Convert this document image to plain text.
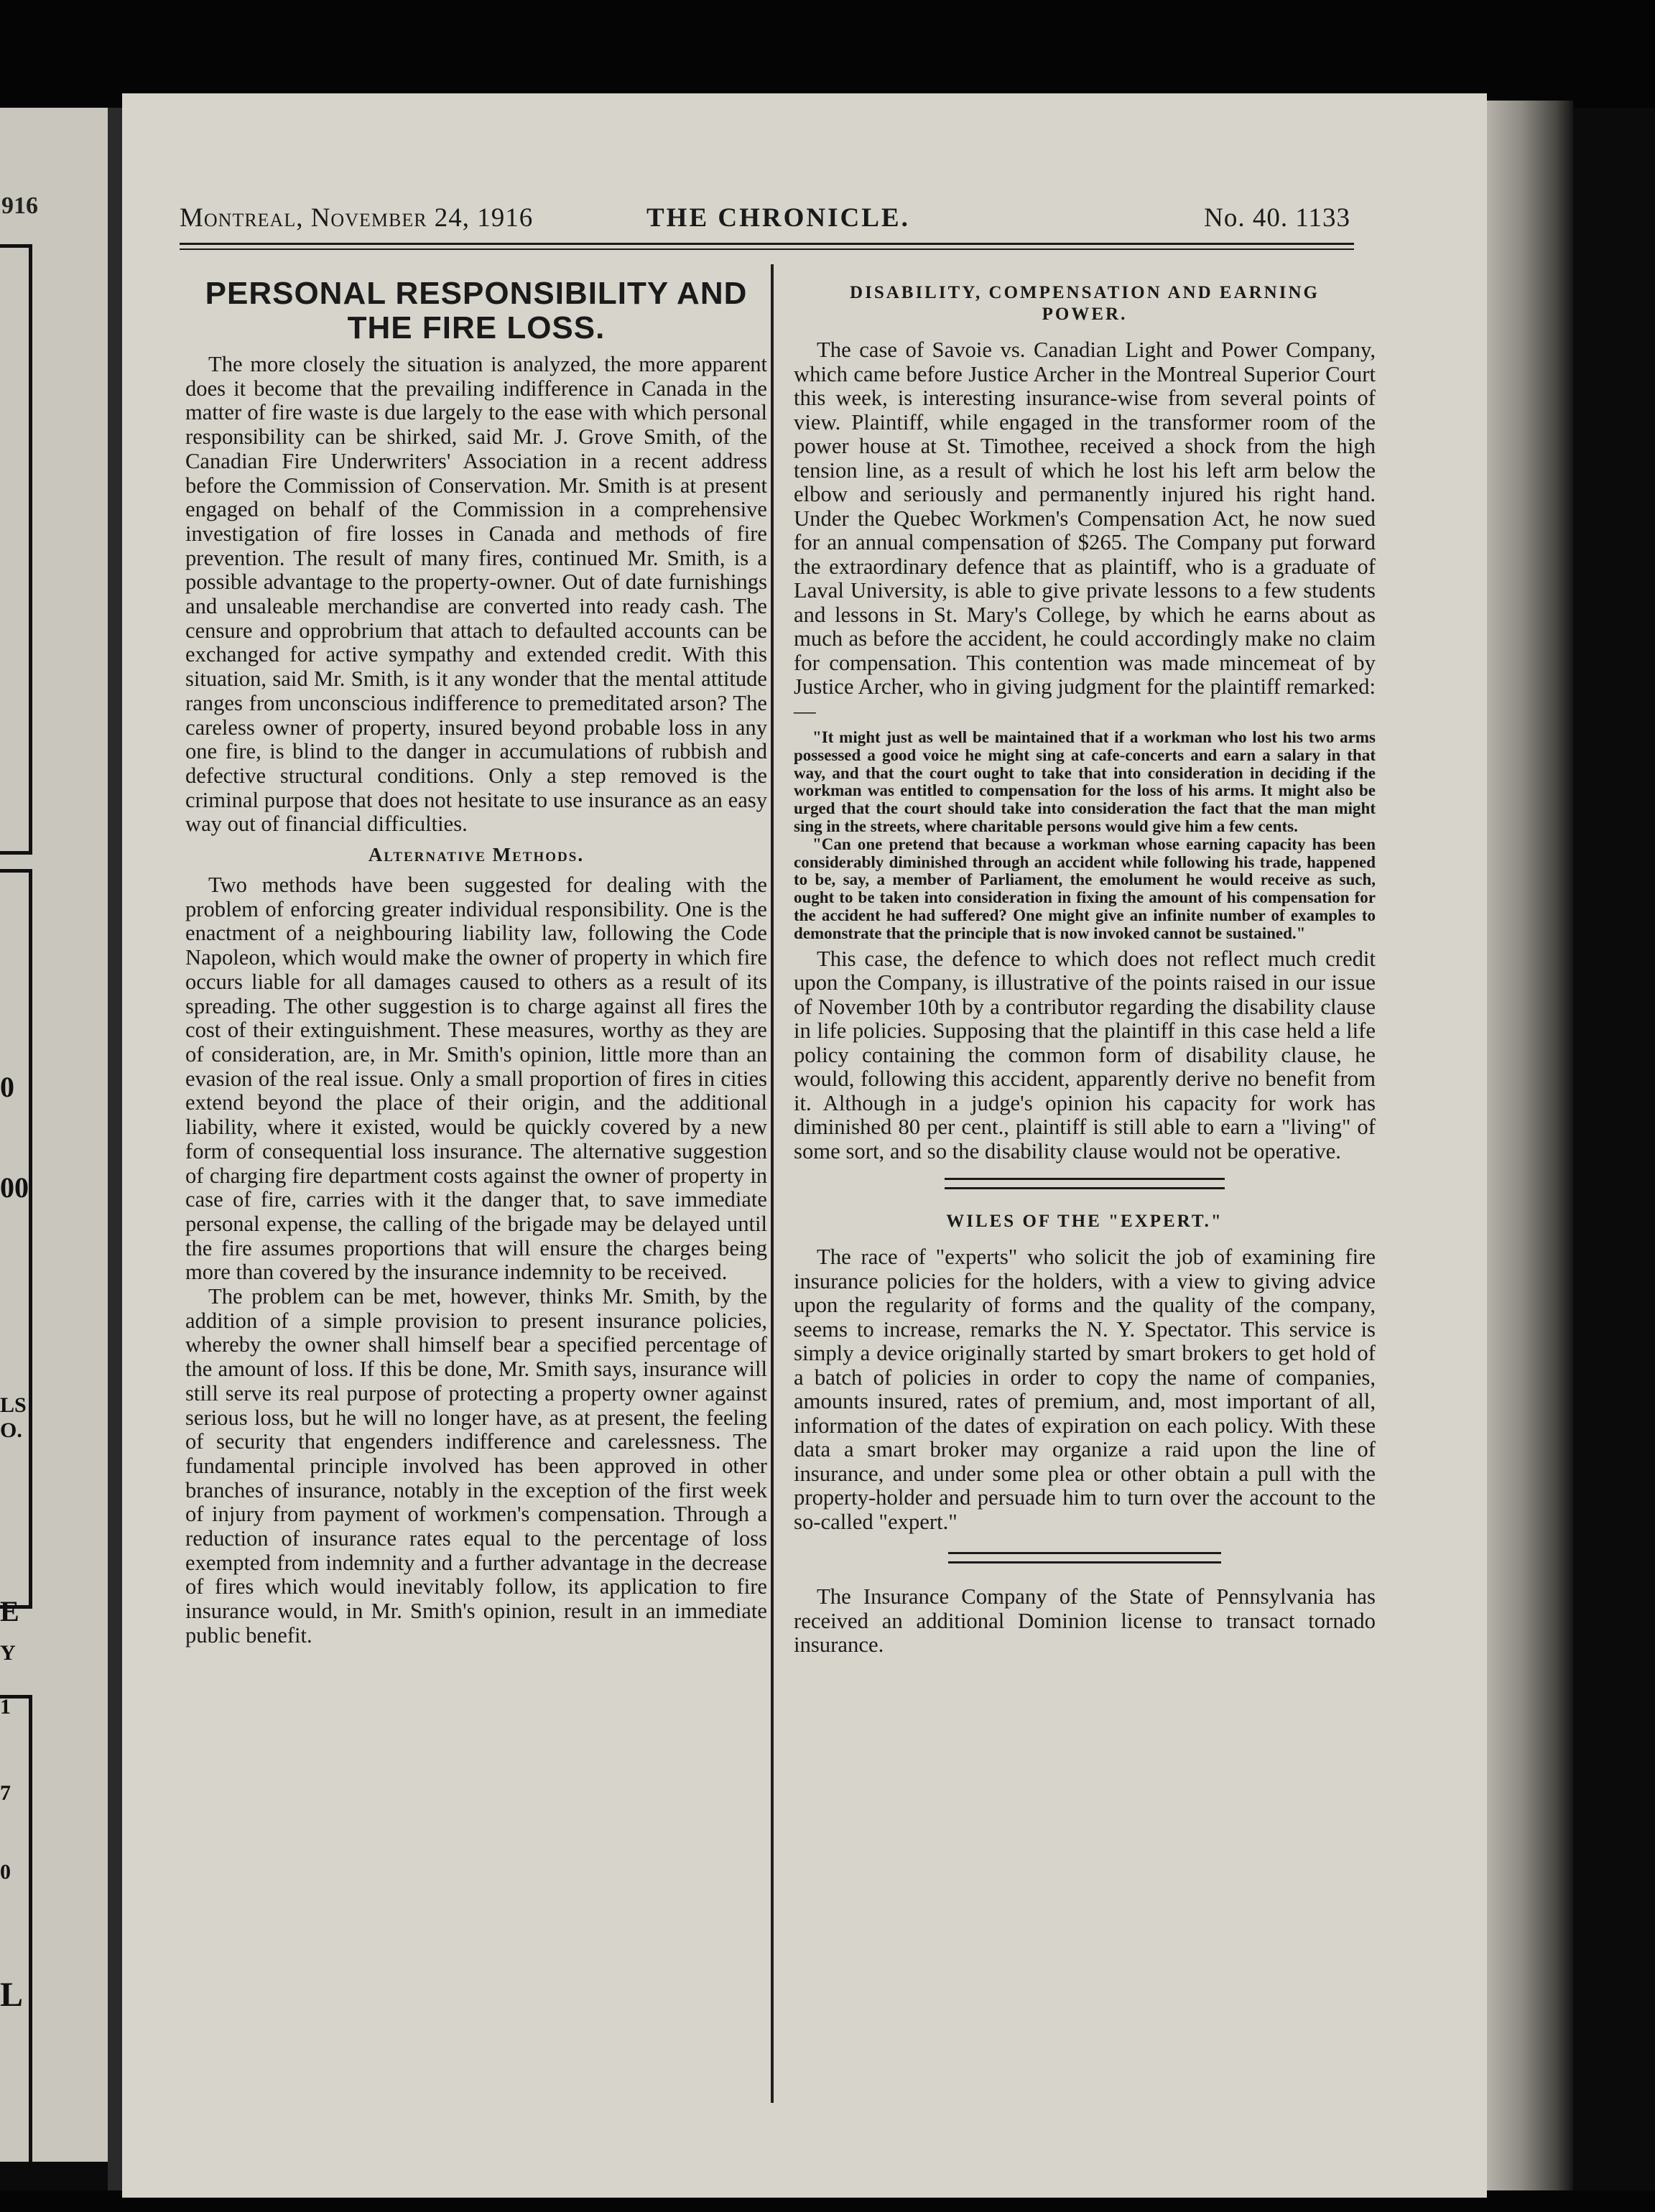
916
0
00
LS
O.
E
Y
1
7
0
L
Montreal, November 24, 1916	THE CHRONICLE.	No. 40. 1133
PERSONAL RESPONSIBILITY AND
THE FIRE LOSS.

The more closely the situation is analyzed, the more apparent does it become that the prevailing indifference in Canada in the matter of fire waste is due largely to the ease with which personal responsibility can be shirked, said Mr. J. Grove Smith, of the Canadian Fire Underwriters' Association in a recent address before the Commission of Conservation. Mr. Smith is at present engaged on behalf of the Commission in a comprehensive investigation of fire losses in Canada and methods of fire prevention. The result of many fires, continued Mr. Smith, is a possible advantage to the property-owner. Out of date furnishings and unsaleable merchandise are converted into ready cash. The censure and opprobrium that attach to defaulted accounts can be exchanged for active sympathy and extended credit. With this situation, said Mr. Smith, is it any wonder that the mental attitude ranges from unconscious indifference to premeditated arson? The careless owner of property, insured beyond probable loss in any one fire, is blind to the danger in accumulations of rubbish and defective structural conditions. Only a step removed is the criminal purpose that does not hesitate to use insurance as an easy way out of financial difficulties.

Alternative Methods.

Two methods have been suggested for dealing with the problem of enforcing greater individual responsibility. One is the enactment of a neighbouring liability law, following the Code Napoleon, which would make the owner of property in which fire occurs liable for all damages caused to others as a result of its spreading. The other suggestion is to charge against all fires the cost of their extinguishment. These measures, worthy as they are of consideration, are, in Mr. Smith's opinion, little more than an evasion of the real issue. Only a small proportion of fires in cities extend beyond the place of their origin, and the additional liability, where it existed, would be quickly covered by a new form of consequential loss insurance. The alternative suggestion of charging fire department costs against the owner of property in case of fire, carries with it the danger that, to save immediate personal expense, the calling of the brigade may be delayed until the fire assumes proportions that will ensure the charges being more than covered by the insurance indemnity to be received.

The problem can be met, however, thinks Mr. Smith, by the addition of a simple provision to present insurance policies, whereby the owner shall himself bear a specified percentage of the amount of loss. If this be done, Mr. Smith says, insurance will still serve its real purpose of protecting a property owner against serious loss, but he will no longer have, as at present, the feeling of security that engenders indifference and carelessness. The fundamental principle involved has been approved in other branches of insurance, notably in the exception of the first week of injury from payment of workmen's compensation. Through a reduction of insurance rates equal to the percentage of loss exempted from indemnity and a further advantage in the decrease of fires which would inevitably follow, its application to fire insurance would, in Mr. Smith's opinion, result in an immediate public benefit.

DISABILITY, COMPENSATION AND EARNING
POWER.

The case of Savoie vs. Canadian Light and Power Company, which came before Justice Archer in the Montreal Superior Court this week, is interesting insurance-wise from several points of view. Plaintiff, while engaged in the transformer room of the power house at St. Timothee, received a shock from the high tension line, as a result of which he lost his left arm below the elbow and seriously and permanently injured his right hand. Under the Quebec Workmen's Compensation Act, he now sued for an annual compensation of $265. The Company put forward the extraordinary defence that as plaintiff, who is a graduate of Laval University, is able to give private lessons to a few students and lessons in St. Mary's College, by which he earns about as much as before the accident, he could accordingly make no claim for compensation. This contention was made mincemeat of by Justice Archer, who in giving judgment for the plaintiff remarked:—

"It might just as well be maintained that if a workman who lost his two arms possessed a good voice he might sing at cafe-concerts and earn a salary in that way, and that the court ought to take that into consideration in deciding if the workman was entitled to compensation for the loss of his arms. It might also be urged that the court should take into consideration the fact that the man might sing in the streets, where charitable persons would give him a few cents.

"Can one pretend that because a workman whose earning capacity has been considerably diminished through an accident while following his trade, happened to be, say, a member of Parliament, the emolument he would receive as such, ought to be taken into consideration in fixing the amount of his compensation for the accident he had suffered? One might give an infinite number of examples to demonstrate that the principle that is now invoked cannot be sustained."

This case, the defence to which does not reflect much credit upon the Company, is illustrative of the points raised in our issue of November 10th by a contributor regarding the disability clause in life policies. Supposing that the plaintiff in this case held a life policy containing the common form of disability clause, he would, following this accident, apparently derive no benefit from it. Although in a judge's opinion his capacity for work has diminished 80 per cent., plaintiff is still able to earn a "living" of some sort, and so the disability clause would not be operative.

WILES OF THE "EXPERT."

The race of "experts" who solicit the job of examining fire insurance policies for the holders, with a view to giving advice upon the regularity of forms and the quality of the company, seems to increase, remarks the N. Y. Spectator. This service is simply a device originally started by smart brokers to get hold of a batch of policies in order to copy the name of companies, amounts insured, rates of premium, and, most important of all, information of the dates of expiration on each policy. With these data a smart broker may organize a raid upon the line of insurance, and under some plea or other obtain a pull with the property-holder and persuade him to turn over the account to the so-called "expert."

The Insurance Company of the State of Pennsylvania has received an additional Dominion license to transact tornado insurance.
